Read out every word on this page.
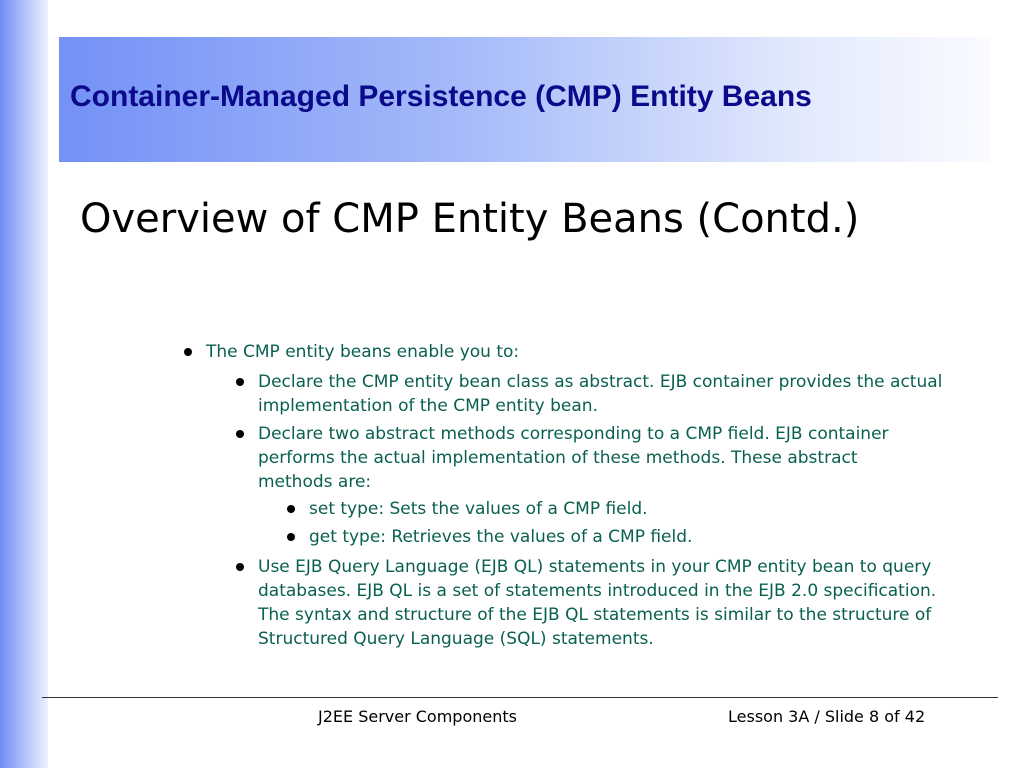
Container-Managed Persistence (CMP) Entity Beans
Overview of CMP Entity Beans (Contd.)
The CMP entity beans enable you to:
Declare the CMP entity bean class as abstract. EJB container provides the actual implementation of the CMP entity bean.
Declare two abstract methods corresponding to a CMP field. EJB container performs the actual implementation of these methods. These abstract methods are:
set type: Sets the values of a CMP field.
get type: Retrieves the values of a CMP field.
Use EJB Query Language (EJB QL) statements in your CMP entity bean to query databases. EJB QL is a set of statements introduced in the EJB 2.0 specification. The syntax and structure of the EJB QL statements is similar to the structure of Structured Query Language (SQL) statements.
J2EE Server Components	Lesson 3A / Slide 8 of 42
